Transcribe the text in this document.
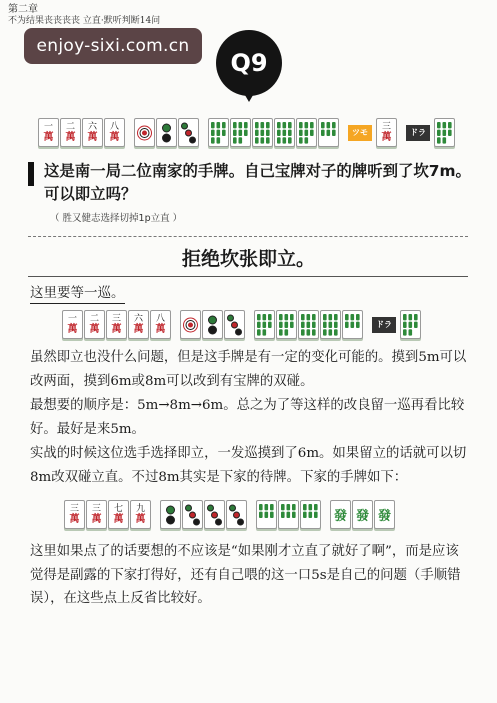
第二章
不为结果丧丧丧丧 立直·默听判断14问
enjoy-sixi.com.cn
Q9
一
萬
二
萬
六
萬
八
萬	ツモ	三
萬	ドラ
这是南一局二位南家的手牌。自己宝牌对子的牌听到了坎7m。可以即立吗？
（ 胜又健志选择切掉1p立直 ）
拒绝坎张即立。
这里要等一巡。
一
萬
二
萬
三
萬
六
萬
八
萬	ドラ
虽然即立也没什么问题，但是这手牌是有一定的变化可能的。摸到5m可以改两面，摸到6m或8m可以改到有宝牌的双碰。
最想要的顺序是：5m→8m→6m。总之为了等这样的改良留一巡再看比较好。最好是来5m。
实战的时候这位选手选择即立，一发巡摸到了6m。如果留立的话就可以切8m改双碰立直。不过8m其实是下家的待牌。下家的手牌如下：
三
萬
三
萬
七
萬
九
萬	發 發 發
这里如果点了的话要想的不应该是“如果刚才立直了就好了啊”，而是应该觉得是副露的下家打得好，还有自己喂的这一口5s是自己的问题（手顺错误），在这些点上反省比较好。
